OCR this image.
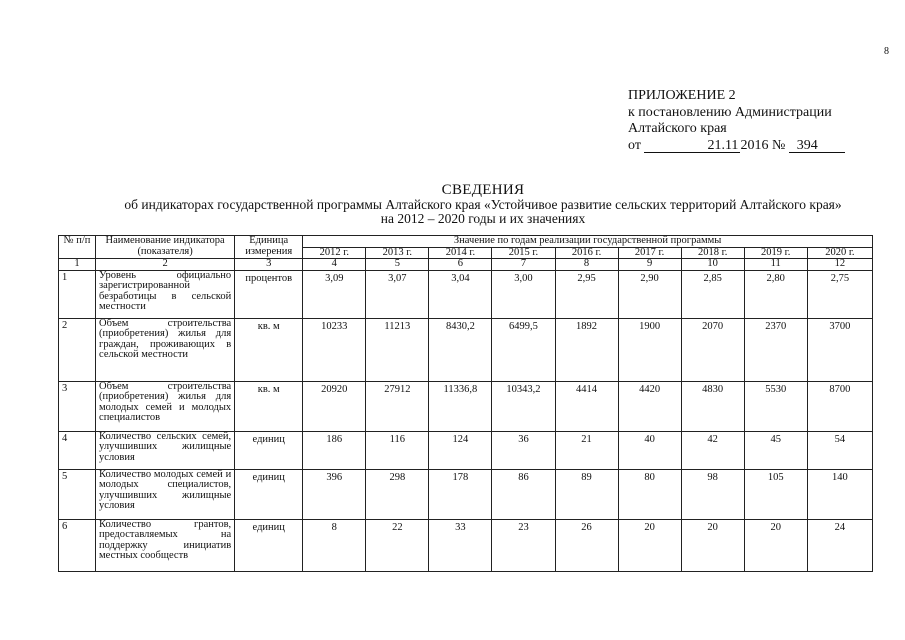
8
ПРИЛОЖЕНИЕ 2
к постановлению Администрации
Алтайского края
от	21.11 2016 № 394
СВЕДЕНИЯ
об индикаторах государственной программы Алтайского края «Устойчивое развитие сельских территорий Алтайского края»
на 2012 – 2020 годы и их значениях
№ п/п	Наименование индикатора (показателя)	Единица измерения	Значение по годам реализации государственной программы								
			2012 г.	2013 г.	2014 г.	2015 г.	2016 г.	2017 г.	2018 г.	2019 г.	2020 г.
1	2	3	4	5	6	7	8	9	10	11	12
1	Уровень официально зарегистрированной безработицы в сельской местности	процентов	3,09	3,07	3,04	3,00	2,95	2,90	2,85	2,80	2,75
2	Объем строительства (приобретения) жилья для граждан, проживающих в сельской местности	кв. м	10233	11213	8430,2	6499,5	1892	1900	2070	2370	3700
3	Объем строительства (приобретения) жилья для молодых семей и молодых специалистов	кв. м	20920	27912	11336,8	10343,2	4414	4420	4830	5530	8700
4	Количество сельских семей, улучшивших жилищные условия	единиц	186	116	124	36	21	40	42	45	54
5	Количество молодых семей и молодых специалистов, улучшивших жилищные условия	единиц	396	298	178	86	89	80	98	105	140
6	Количество грантов, предоставляемых на поддержку инициатив местных сообществ	единиц	8	22	33	23	26	20	20	20	24
